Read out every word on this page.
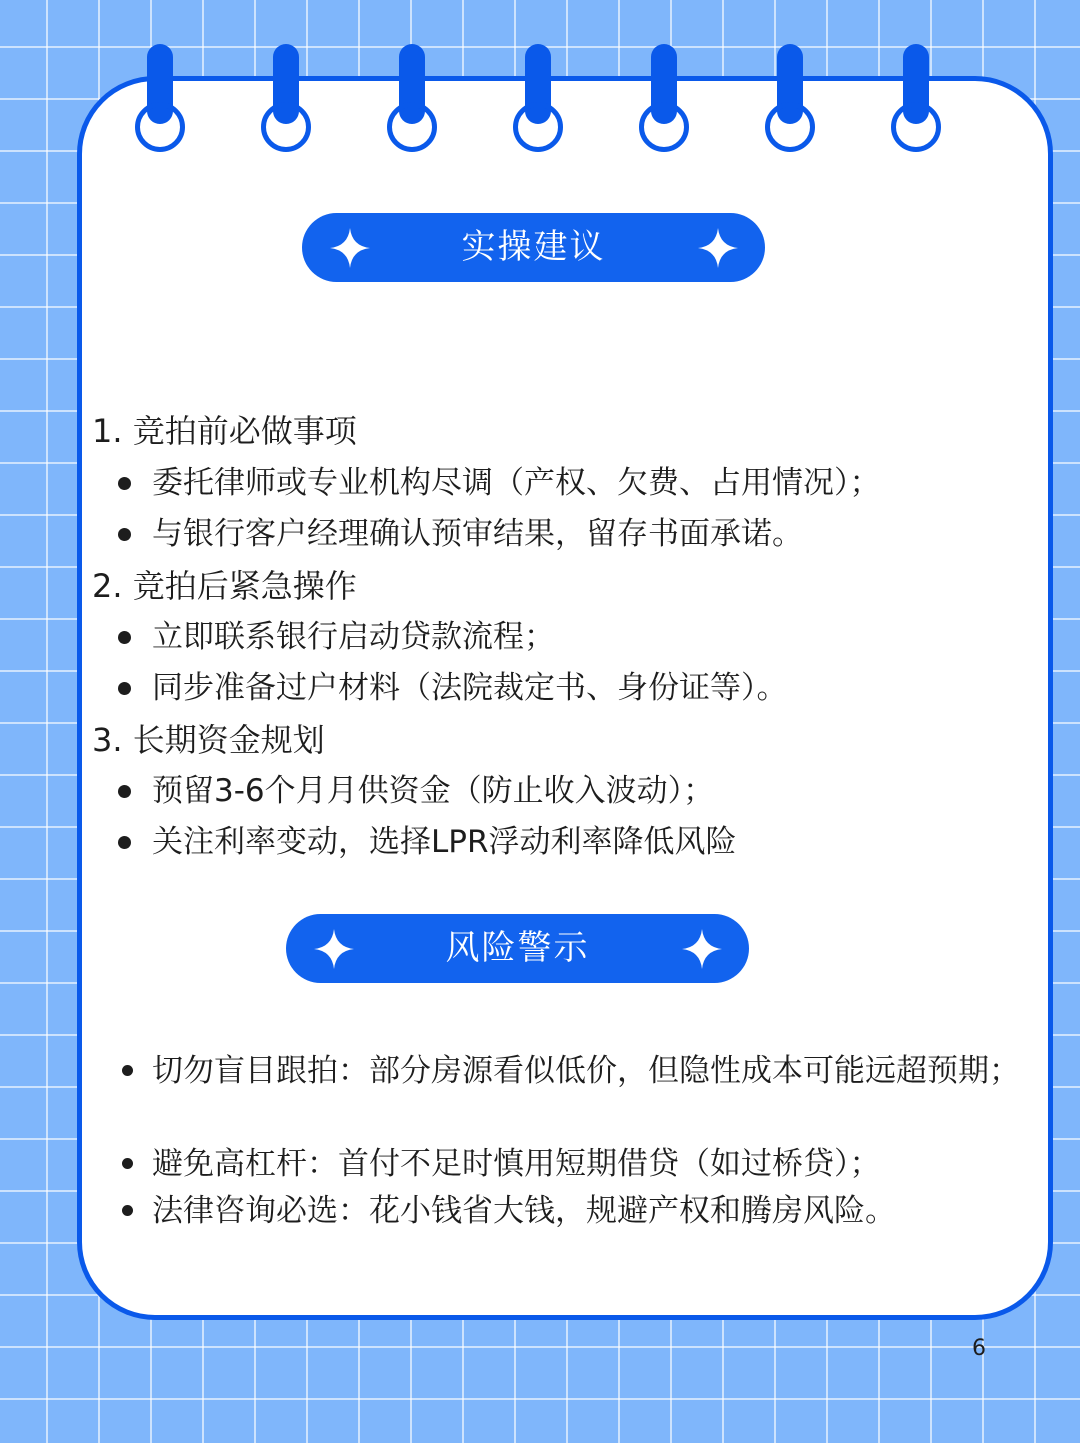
实操建议
1. 竞拍前必做事项
委托律师或专业机构尽调（产权、欠费、占用情况）；
与银行客户经理确认预审结果，留存书面承诺。
2. 竞拍后紧急操作
立即联系银行启动贷款流程；
同步准备过户材料（法院裁定书、身份证等）。
3. 长期资金规划
预留3-6个月月供资金（防止收入波动）；
关注利率变动，选择LPR浮动利率降低风险
风险警示
切勿盲目跟拍：部分房源看似低价，但隐性成本可能远超预期；
避免高杠杆：首付不足时慎用短期借贷（如过桥贷）；
法律咨询必选：花小钱省大钱，规避产权和腾房风险。
6
